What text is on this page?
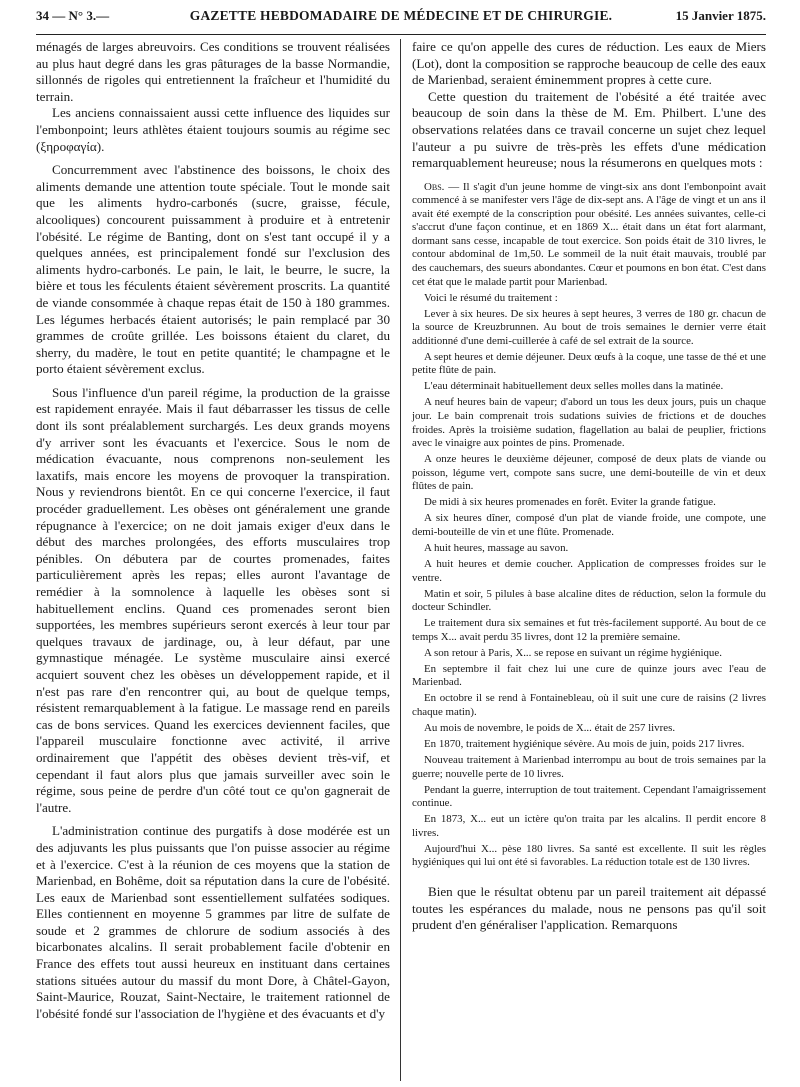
34 — N° 3.—	GAZETTE HEBDOMADAIRE DE MÉDECINE ET DE CHIRURGIE.	15 Janvier 1875.

ménagés de larges abreuvoirs. Ces conditions se trouvent réalisées au plus haut degré dans les gras pâturages de la basse Normandie, sillonnés de rigoles qui entretiennent la fraîcheur et l'humidité du terrain.

Les anciens connaissaient aussi cette influence des liquides sur l'embonpoint; leurs athlètes étaient toujours soumis au régime sec (ξηροφαγία).

Concurremment avec l'abstinence des boissons, le choix des aliments demande une attention toute spéciale. Tout le monde sait que les aliments hydro-carbonés (sucre, graisse, fécule, alcooliques) concourent puissamment à produire et à entretenir l'obésité. Le régime de Banting, dont on s'est tant occupé il y a quelques années, est principalement fondé sur l'exclusion des aliments hydro-carbonés. Le pain, le lait, le beurre, le sucre, la bière et tous les féculents étaient sévèrement proscrits. La quantité de viande consommée à chaque repas était de 150 à 180 grammes. Les légumes herbacés étaient autorisés; le pain remplacé par 30 grammes de croûte grillée. Les boissons étaient du claret, du sherry, du madère, le tout en petite quantité; le champagne et le porto étaient sévèrement exclus.

Sous l'influence d'un pareil régime, la production de la graisse est rapidement enrayée. Mais il faut débarrasser les tissus de celle dont ils sont préalablement surchargés. Les deux grands moyens d'y arriver sont les évacuants et l'exercice. Sous le nom de médication évacuante, nous comprenons non-seulement les laxatifs, mais encore les moyens de provoquer la transpiration. Nous y reviendrons bientôt. En ce qui concerne l'exercice, il faut procéder graduellement. Les obèses ont généralement une grande répugnance à l'exercice; on ne doit jamais exiger d'eux dans le début des marches prolongées, des efforts musculaires trop pénibles. On débutera par de courtes promenades, faites particulièrement après les repas; elles auront l'avantage de remédier à la somnolence à laquelle les obèses sont si habituellement enclins. Quand ces promenades seront bien supportées, les membres supérieurs seront exercés à leur tour par quelques travaux de jardinage, ou, à leur défaut, par une gymnastique ménagée. Le système musculaire ainsi exercé acquiert souvent chez les obèses un développement rapide, et il n'est pas rare d'en rencontrer qui, au bout de quelque temps, résistent remarquablement à la fatigue. Le massage rend en pareils cas de bons services. Quand les exercices deviennent faciles, que l'appareil musculaire fonctionne avec activité, il arrive ordinairement que l'appétit des obèses devient très-vif, et cependant il faut alors plus que jamais surveiller avec soin le régime, sous peine de perdre d'un côté tout ce qu'on gagnerait de l'autre.

L'administration continue des purgatifs à dose modérée est un des adjuvants les plus puissants que l'on puisse associer au régime et à l'exercice. C'est à la réunion de ces moyens que la station de Marienbad, en Bohême, doit sa réputation dans la cure de l'obésité. Les eaux de Marienbad sont essentiellement sulfatées sodiques. Elles contiennent en moyenne 5 grammes par litre de sulfate de soude et 2 grammes de chlorure de sodium associés à des bicarbonates alcalins. Il serait probablement facile d'obtenir en France des effets tout aussi heureux en instituant dans certaines stations situées autour du massif du mont Dore, à Châtel-Gayon, Saint-Maurice, Rouzat, Saint-Nectaire, le traitement rationnel de l'obésité fondé sur l'association de l'hygiène et des évacuants et d'y

faire ce qu'on appelle des cures de réduction. Les eaux de Miers (Lot), dont la composition se rapproche beaucoup de celle des eaux de Marienbad, seraient éminemment propres à cette cure.

Cette question du traitement de l'obésité a été traitée avec beaucoup de soin dans la thèse de M. Em. Philbert. L'une des observations relatées dans ce travail concerne un sujet chez lequel l'auteur a pu suivre de très-près les effets d'une médication remarquablement heureuse; nous la résumerons en quelques mots :

Obs. — Il s'agit d'un jeune homme de vingt-six ans dont l'embonpoint avait commencé à se manifester vers l'âge de dix-sept ans. A l'âge de vingt et un ans il avait été exempté de la conscription pour obésité. Les années suivantes, celle-ci s'accrut d'une façon continue, et en 1869 X... était dans un état fort alarmant, dormant sans cesse, incapable de tout exercice. Son poids était de 310 livres, le contour abdominal de 1m,50. Le sommeil de la nuit était mauvais, troublé par des cauchemars, des sueurs abondantes. Cœur et poumons en bon état. C'est dans cet état que le malade partit pour Marienbad.

Voici le résumé du traitement :

Lever à six heures. De six heures à sept heures, 3 verres de 180 gr. chacun de la source de Kreuzbrunnen. Au bout de trois semaines le dernier verre était additionné d'une demi-cuillerée à café de sel extrait de la source.

A sept heures et demie déjeuner. Deux œufs à la coque, une tasse de thé et une petite flûte de pain.

L'eau déterminait habituellement deux selles molles dans la matinée.

A neuf heures bain de vapeur; d'abord un tous les deux jours, puis un chaque jour. Le bain comprenait trois sudations suivies de frictions et de douches froides. Après la troisième sudation, flagellation au balai de peuplier, frictions avec le vinaigre aux pointes de pins. Promenade.

A onze heures le deuxième déjeuner, composé de deux plats de viande ou poisson, légume vert, compote sans sucre, une demi-bouteille de vin et deux flûtes de pain.

De midi à six heures promenades en forêt. Eviter la grande fatigue.

A six heures dîner, composé d'un plat de viande froide, une compote, une demi-bouteille de vin et une flûte. Promenade.

A huit heures, massage au savon.

A huit heures et demie coucher. Application de compresses froides sur le ventre.

Matin et soir, 5 pilules à base alcaline dites de réduction, selon la formule du docteur Schindler.

Le traitement dura six semaines et fut très-facilement supporté. Au bout de ce temps X... avait perdu 35 livres, dont 12 la première semaine.

A son retour à Paris, X... se repose en suivant un régime hygiénique.

En septembre il fait chez lui une cure de quinze jours avec l'eau de Marienbad.

En octobre il se rend à Fontainebleau, où il suit une cure de raisins (2 livres chaque matin).

Au mois de novembre, le poids de X... était de 257 livres.

En 1870, traitement hygiénique sévère. Au mois de juin, poids 217 livres.

Nouveau traitement à Marienbad interrompu au bout de trois semaines par la guerre; nouvelle perte de 10 livres.

Pendant la guerre, interruption de tout traitement. Cependant l'amaigrissement continue.

En 1873, X... eut un ictère qu'on traita par les alcalins. Il perdit encore 8 livres.

Aujourd'hui X... pèse 180 livres. Sa santé est excellente. Il suit les règles hygiéniques qui lui ont été si favorables. La réduction totale est de 130 livres.

Bien que le résultat obtenu par un pareil traitement ait dépassé toutes les espérances du malade, nous ne pensons pas qu'il soit prudent d'en généraliser l'application. Remarquons
